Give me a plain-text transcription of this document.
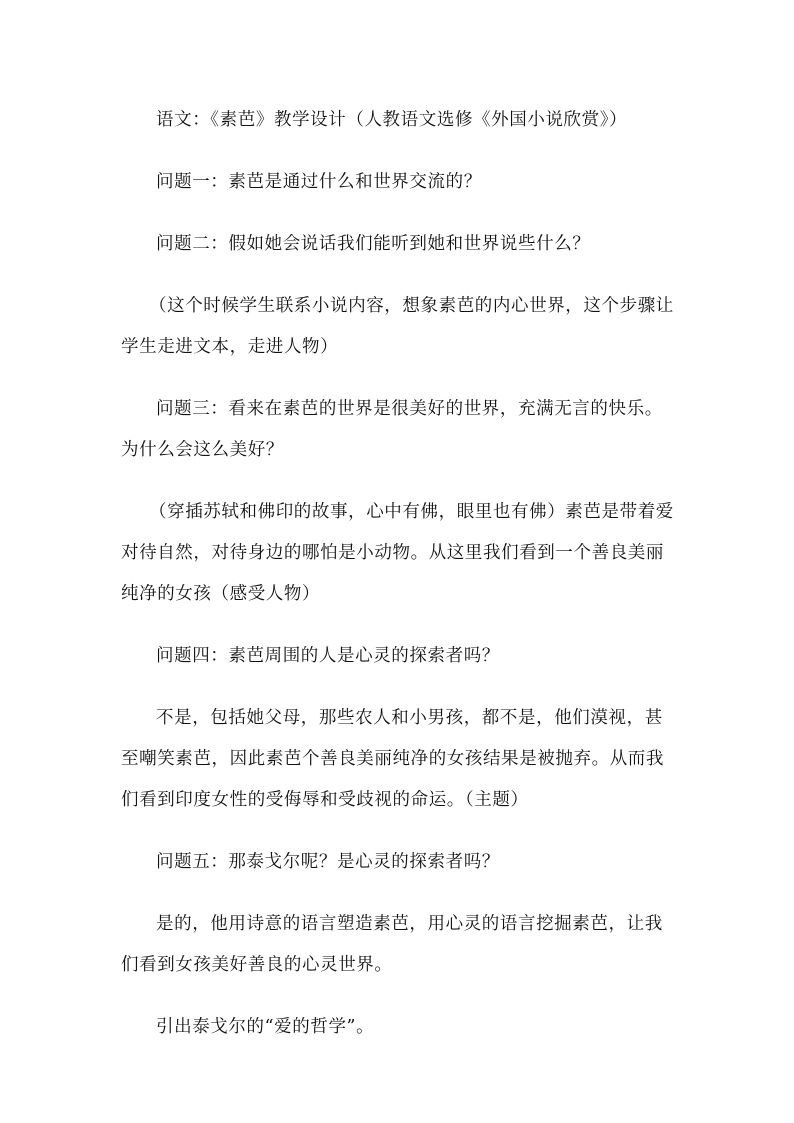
语文：《素芭》教学设计（人教语文选修《外国小说欣赏》）

问题一：素芭是通过什么和世界交流的？

问题二：假如她会说话我们能听到她和世界说些什么？

（这个时候学生联系小说内容，想象素芭的内心世界，这个步骤让学生走进文本，走进人物）

问题三：看来在素芭的世界是很美好的世界，充满无言的快乐。为什么会这么美好？

（穿插苏轼和佛印的故事，心中有佛，眼里也有佛）素芭是带着爱对待自然，对待身边的哪怕是小动物。从这里我们看到一个善良美丽纯净的女孩（感受人物）

问题四：素芭周围的人是心灵的探索者吗？

不是，包括她父母，那些农人和小男孩，都不是，他们漠视，甚至嘲笑素芭，因此素芭个善良美丽纯净的女孩结果是被抛弃。从而我们看到印度女性的受侮辱和受歧视的命运。（主题）

问题五：那泰戈尔呢？是心灵的探索者吗？

是的，他用诗意的语言塑造素芭，用心灵的语言挖掘素芭，让我们看到女孩美好善良的心灵世界。

引出泰戈尔的“爱的哲学”。
